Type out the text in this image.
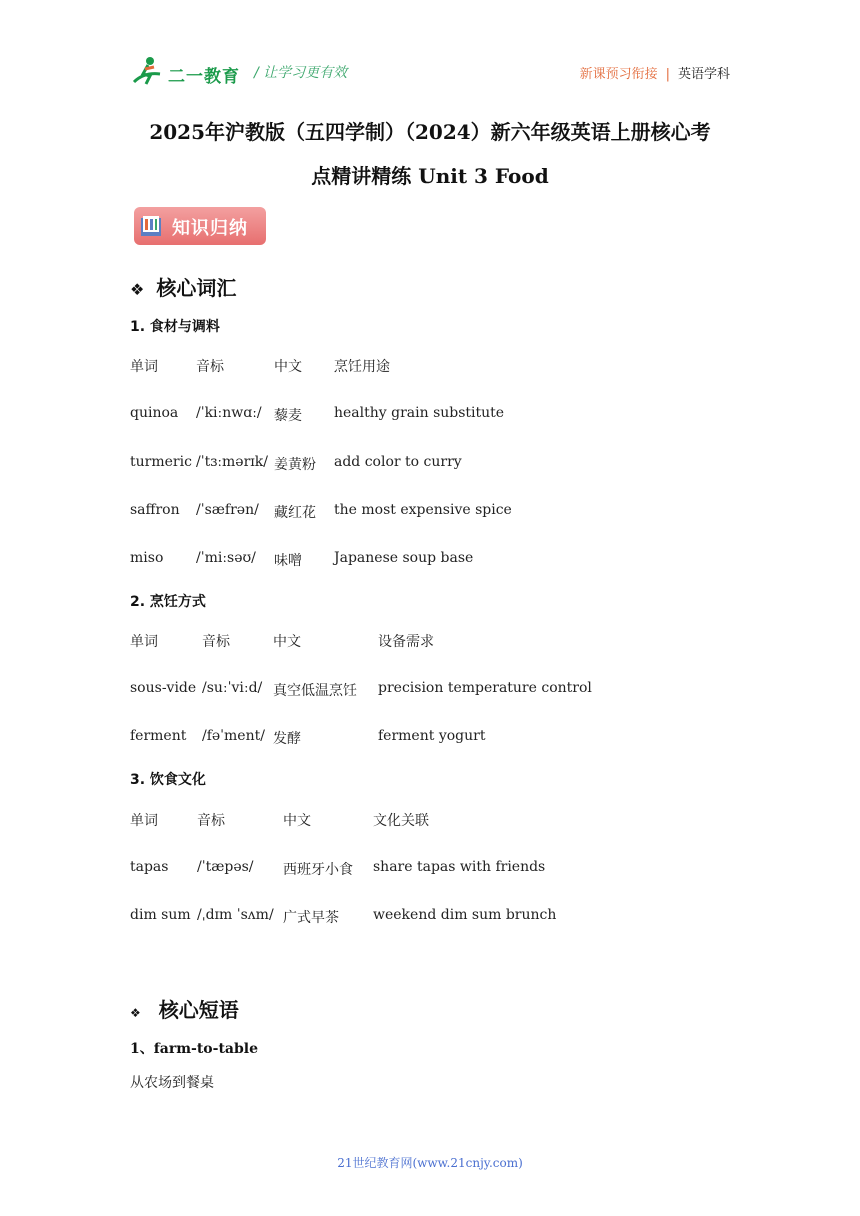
二一教育 / 让学习更有效	新课预习衔接 | 英语学科
2025年沪教版（五四学制）（2024）新六年级英语上册核心考
点精讲精练 Unit 3 Food
知识归纳
❖ 核心词汇
1. 食材与调料
单词	音标	中文 烹饪用途
quinoa /ˈkiːnwɑː/ 藜麦 healthy grain substitute
turmeric /ˈtɜːmərɪk/ 姜黄粉 add color to curry
saffron /ˈsæfrən/ 藏红花 the most expensive spice
miso /ˈmiːsəʊ/ 味噌 Japanese soup base
2. 烹饪方式
单词	音标	中文	设备需求
sous-vide /suːˈviːd/ 真空低温烹饪 precision temperature control
ferment /fəˈment/ 发酵	ferment yogurt
3. 饮食文化
单词	音标	中文	文化关联
tapas /ˈtæpəs/ 西班牙小食 share tapas with friends
dim sum /ˌdɪm ˈsʌm/ 广式早茶 weekend dim sum brunch
❖ 核心短语
1、farm-to-table
从农场到餐桌
21世纪教育网(www.21cnjy.com)
